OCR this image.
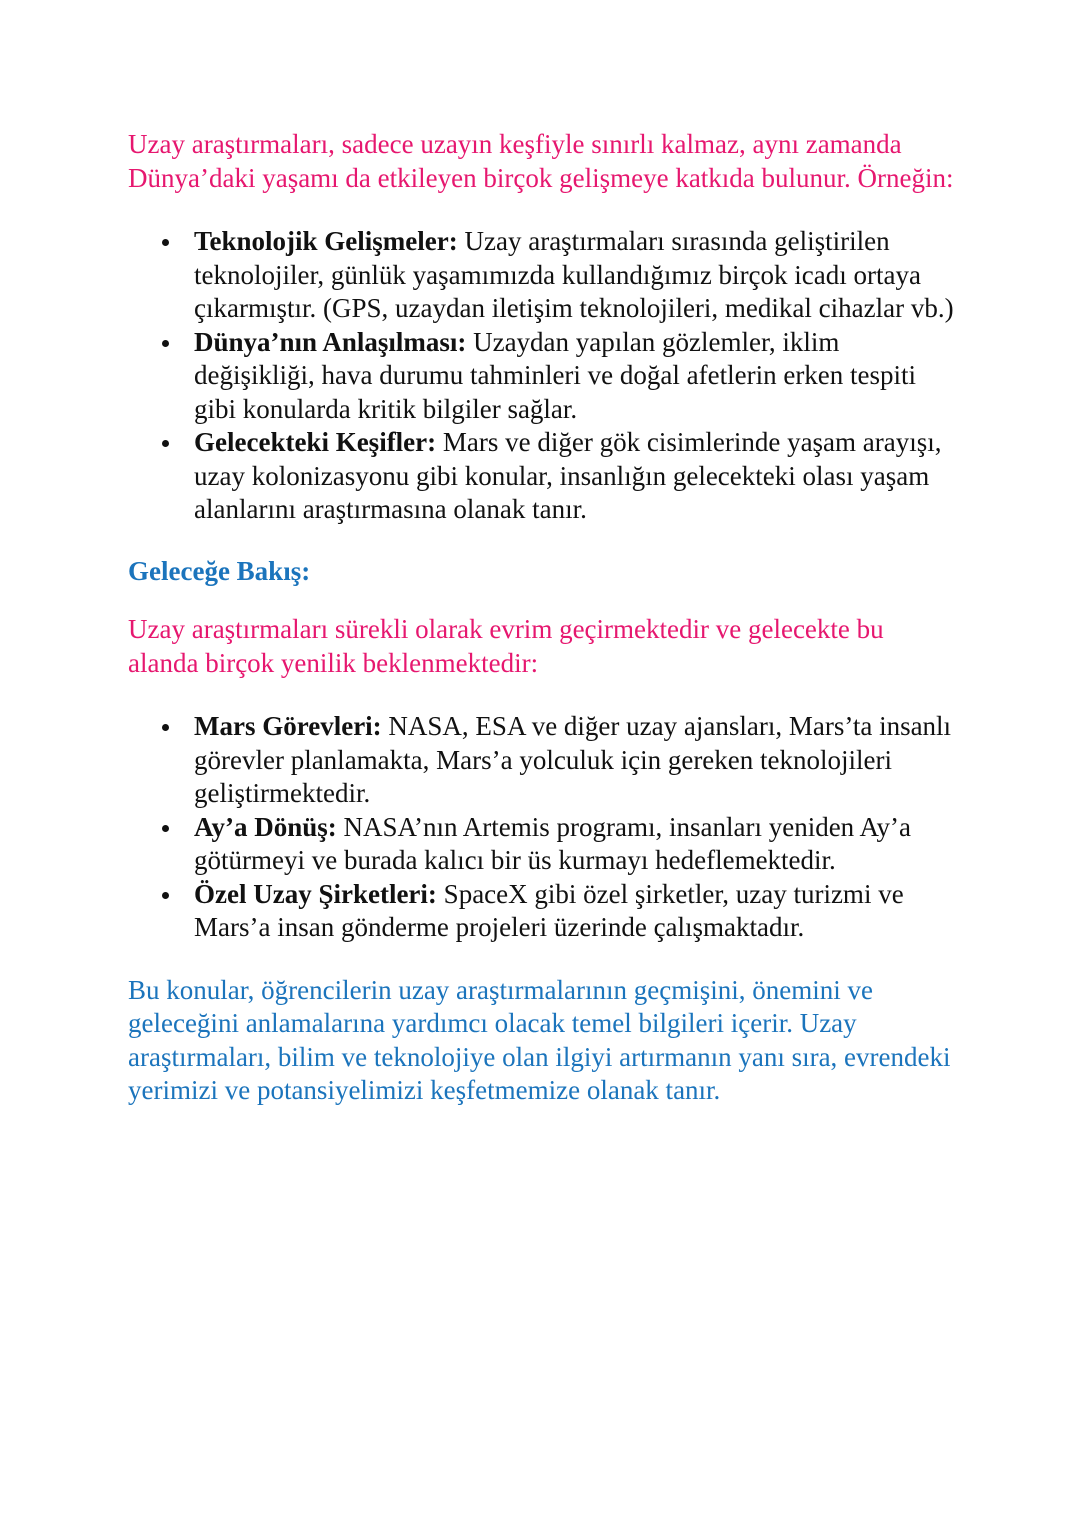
Uzay araştırmaları, sadece uzayın keşfiyle sınırlı kalmaz, aynı zamanda Dünya’daki yaşamı da etkileyen birçok gelişmeye katkıda bulunur. Örneğin:

Teknolojik Gelişmeler: Uzay araştırmaları sırasında geliştirilen teknolojiler, günlük yaşamımızda kullandığımız birçok icadı ortaya çıkarmıştır. (GPS, uzaydan iletişim teknolojileri, medikal cihazlar vb.)
Dünya’nın Anlaşılması: Uzaydan yapılan gözlemler, iklim değişikliği, hava durumu tahminleri ve doğal afetlerin erken tespiti gibi konularda kritik bilgiler sağlar.
Gelecekteki Keşifler: Mars ve diğer gök cisimlerinde yaşam arayışı, uzay kolonizasyonu gibi konular, insanlığın gelecekteki olası yaşam alanlarını araştırmasına olanak tanır.

Geleceğe Bakış:

Uzay araştırmaları sürekli olarak evrim geçirmektedir ve gelecekte bu alanda birçok yenilik beklenmektedir:

Mars Görevleri: NASA, ESA ve diğer uzay ajansları, Mars’ta insanlı görevler planlamakta, Mars’a yolculuk için gereken teknolojileri geliştirmektedir.
Ay’a Dönüş: NASA’nın Artemis programı, insanları yeniden Ay’a götürmeyi ve burada kalıcı bir üs kurmayı hedeflemektedir.
Özel Uzay Şirketleri: SpaceX gibi özel şirketler, uzay turizmi ve Mars’a insan gönderme projeleri üzerinde çalışmaktadır.

Bu konular, öğrencilerin uzay araştırmalarının geçmişini, önemini ve geleceğini anlamalarına yardımcı olacak temel bilgileri içerir. Uzay araştırmaları, bilim ve teknolojiye olan ilgiyi artırmanın yanı sıra, evrendeki yerimizi ve potansiyelimizi keşfetmemize olanak tanır.
